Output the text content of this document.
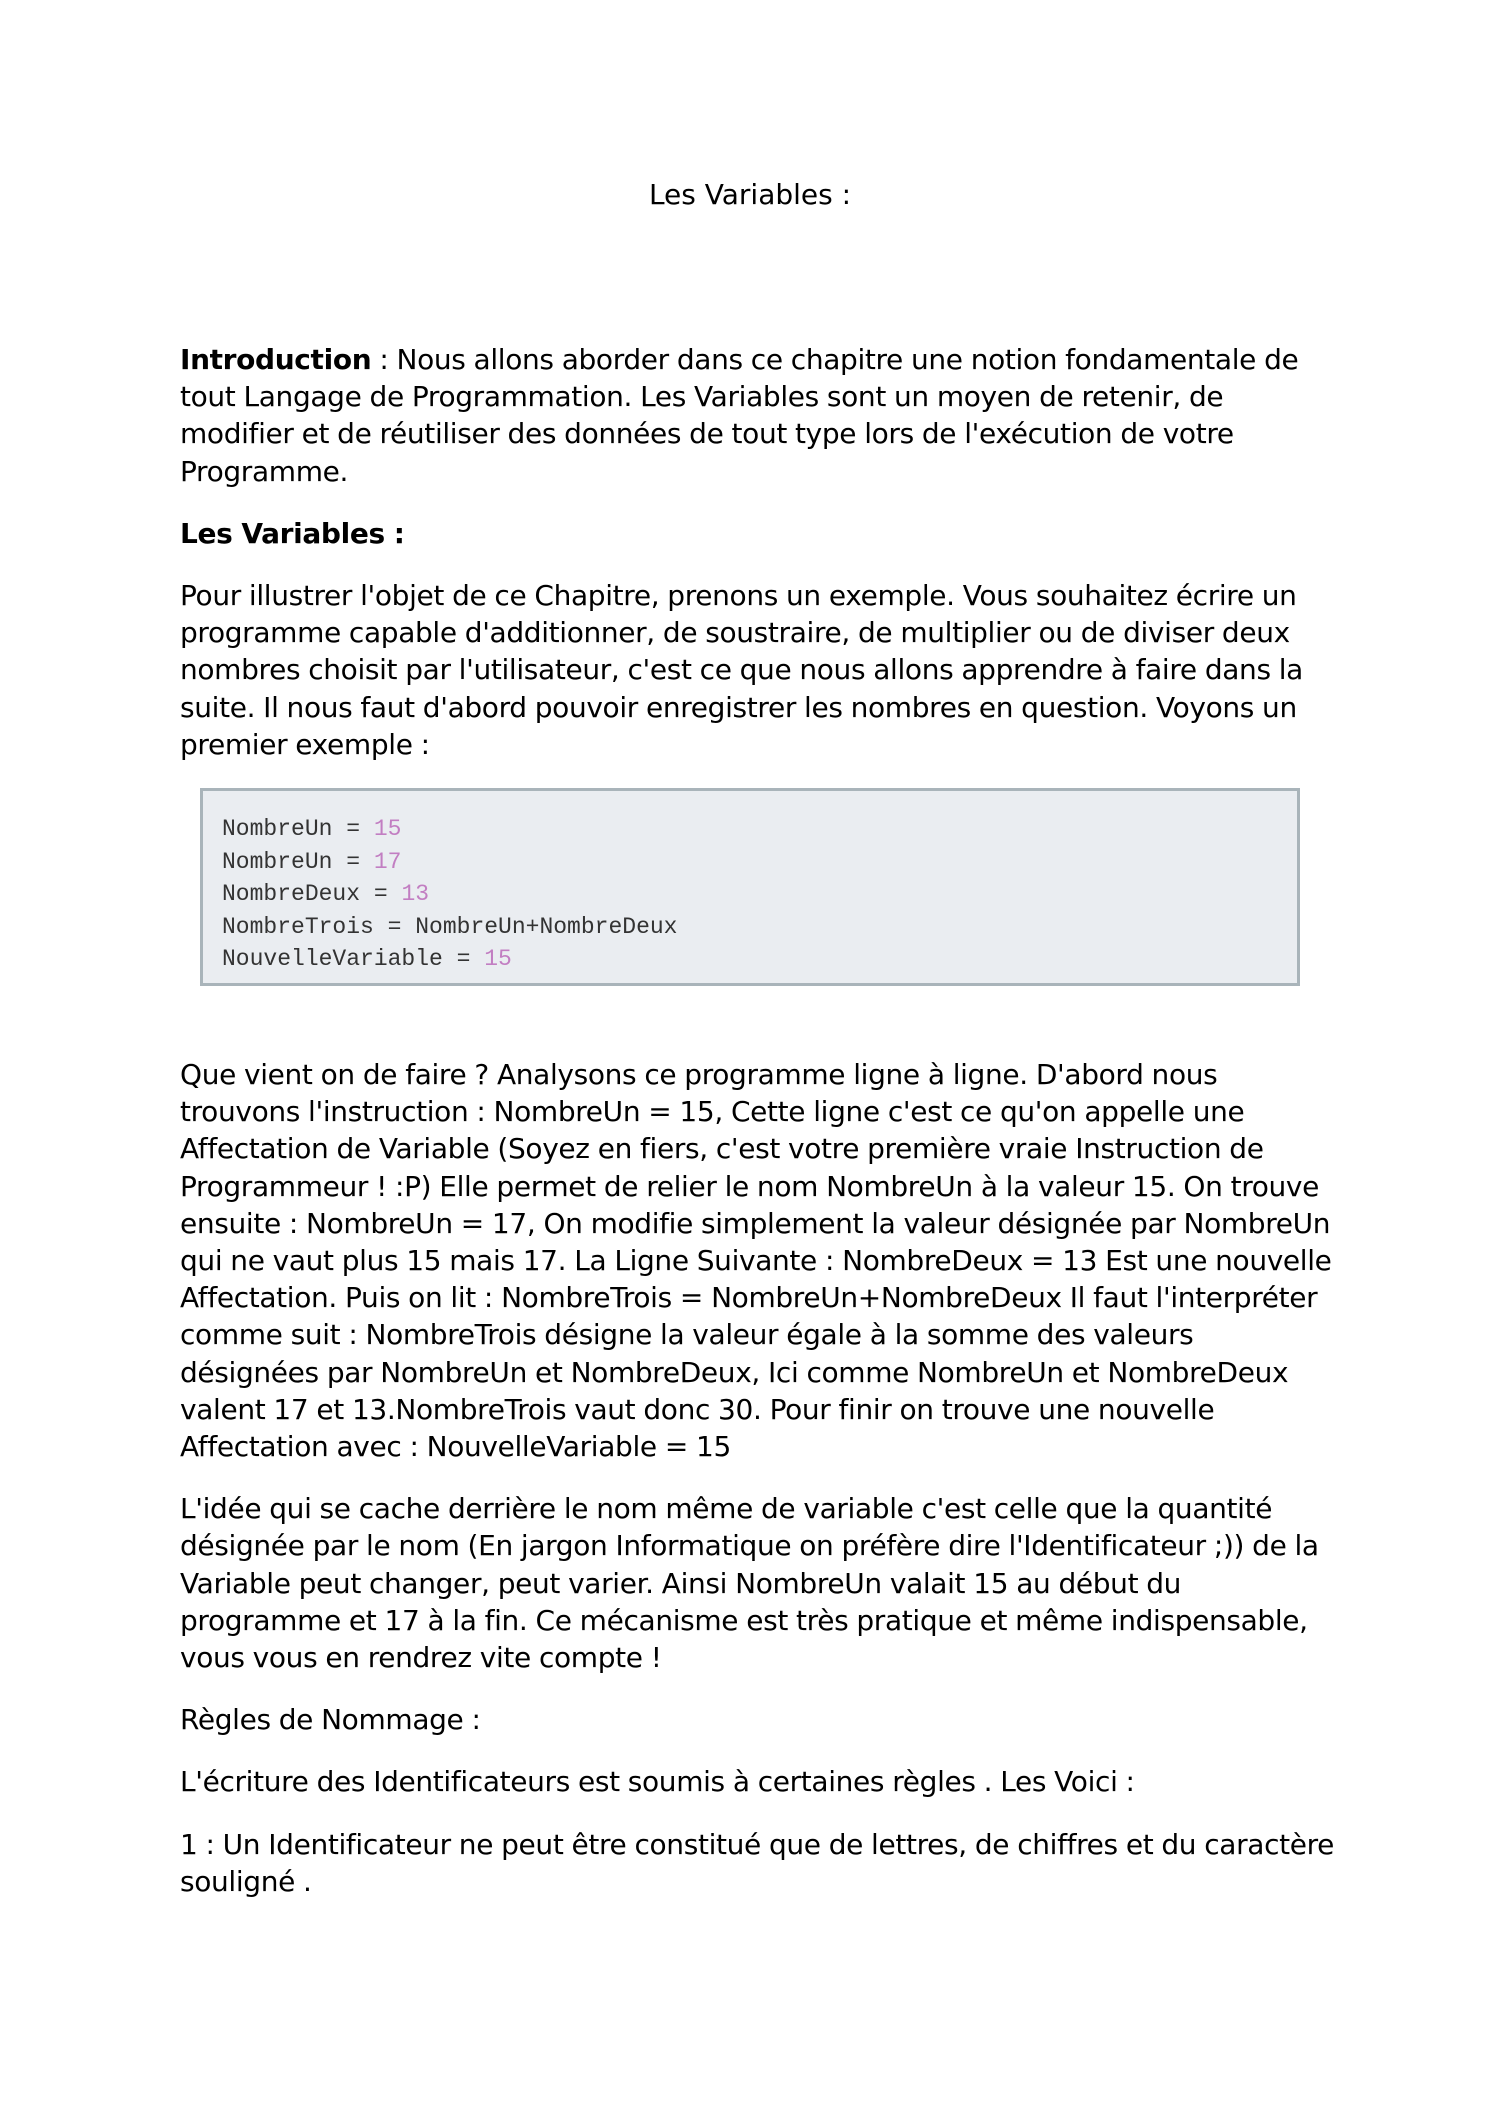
Les Variables :

Introduction : Nous allons aborder dans ce chapitre une notion fondamentale de tout Langage de Programmation. Les Variables sont un moyen de retenir, de modifier et de réutiliser des données de tout type lors de l'exécution de votre Programme.

Les Variables :

Pour illustrer l'objet de ce Chapitre, prenons un exemple. Vous souhaitez écrire un programme capable d'additionner, de soustraire, de multiplier ou de diviser deux nombres choisit par l'utilisateur, c'est ce que nous allons apprendre à faire dans la suite. Il nous faut d'abord pouvoir enregistrer les nombres en question. Voyons un premier exemple :

NombreUn = 15
NombreUn = 17
NombreDeux = 13
NombreTrois = NombreUn+NombreDeux
NouvelleVariable = 15

Que vient on de faire ? Analysons ce programme ligne à ligne. D'abord nous trouvons l'instruction : NombreUn = 15, Cette ligne c'est ce qu'on appelle une Affectation de Variable (Soyez en fiers, c'est votre première vraie Instruction de Programmeur ! :P) Elle permet de relier le nom NombreUn à la valeur 15. On trouve ensuite : NombreUn = 17, On modifie simplement la valeur désignée par NombreUn qui ne vaut plus 15 mais 17. La Ligne Suivante : NombreDeux = 13 Est une nouvelle Affectation. Puis on lit : NombreTrois = NombreUn+NombreDeux Il faut l'interpréter comme suit : NombreTrois désigne la valeur égale à la somme des valeurs désignées par NombreUn et NombreDeux, Ici comme NombreUn et NombreDeux valent 17 et 13.NombreTrois vaut donc 30. Pour finir on trouve une nouvelle Affectation avec : NouvelleVariable = 15

L'idée qui se cache derrière le nom même de variable c'est celle que la quantité désignée par le nom (En jargon Informatique on préfère dire l'Identificateur ;)) de la Variable peut changer, peut varier. Ainsi NombreUn valait 15 au début du programme et 17 à la fin. Ce mécanisme est très pratique et même indispensable, vous vous en rendrez vite compte !

Règles de Nommage :

L'écriture des Identificateurs est soumis à certaines règles . Les Voici :

1 : Un Identificateur ne peut être constitué que de lettres, de chiffres et du caractère souligné .
